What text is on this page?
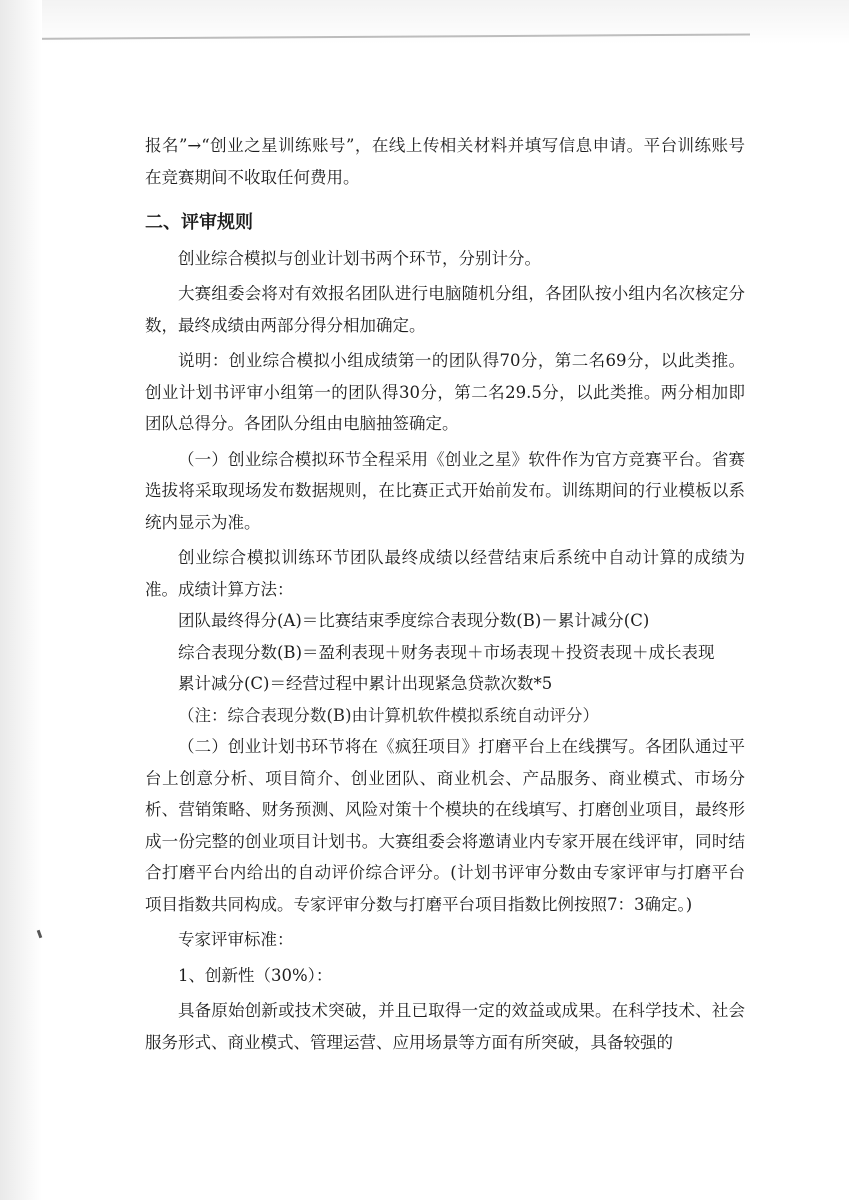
报名”→“创业之星训练账号”，在线上传相关材料并填写信息申请。平台训练账号在竞赛期间不收取任何费用。

二、评审规则

创业综合模拟与创业计划书两个环节，分别计分。

大赛组委会将对有效报名团队进行电脑随机分组，各团队按小组内名次核定分数，最终成绩由两部分得分相加确定。

说明：创业综合模拟小组成绩第一的团队得70分，第二名69分，以此类推。创业计划书评审小组第一的团队得30分，第二名29.5分，以此类推。两分相加即团队总得分。各团队分组由电脑抽签确定。

（一）创业综合模拟环节全程采用《创业之星》软件作为官方竞赛平台。省赛选拔将采取现场发布数据规则，在比赛正式开始前发布。训练期间的行业模板以系统内显示为准。

创业综合模拟训练环节团队最终成绩以经营结束后系统中自动计算的成绩为准。成绩计算方法：

团队最终得分(A)＝比赛结束季度综合表现分数(B)－累计减分(C)

综合表现分数(B)＝盈利表现＋财务表现＋市场表现＋投资表现＋成长表现

累计减分(C)＝经营过程中累计出现紧急贷款次数*5

（注：综合表现分数(B)由计算机软件模拟系统自动评分）

（二）创业计划书环节将在《疯狂项目》打磨平台上在线撰写。各团队通过平台上创意分析、项目简介、创业团队、商业机会、产品服务、商业模式、市场分析、营销策略、财务预测、风险对策十个模块的在线填写、打磨创业项目，最终形成一份完整的创业项目计划书。大赛组委会将邀请业内专家开展在线评审，同时结合打磨平台内给出的自动评价综合评分。(计划书评审分数由专家评审与打磨平台项目指数共同构成。专家评审分数与打磨平台项目指数比例按照7：3确定。)

专家评审标准：

1、创新性（30%）：

具备原始创新或技术突破，并且已取得一定的效益或成果。在科学技术、社会服务形式、商业模式、管理运营、应用场景等方面有所突破，具备较强的
